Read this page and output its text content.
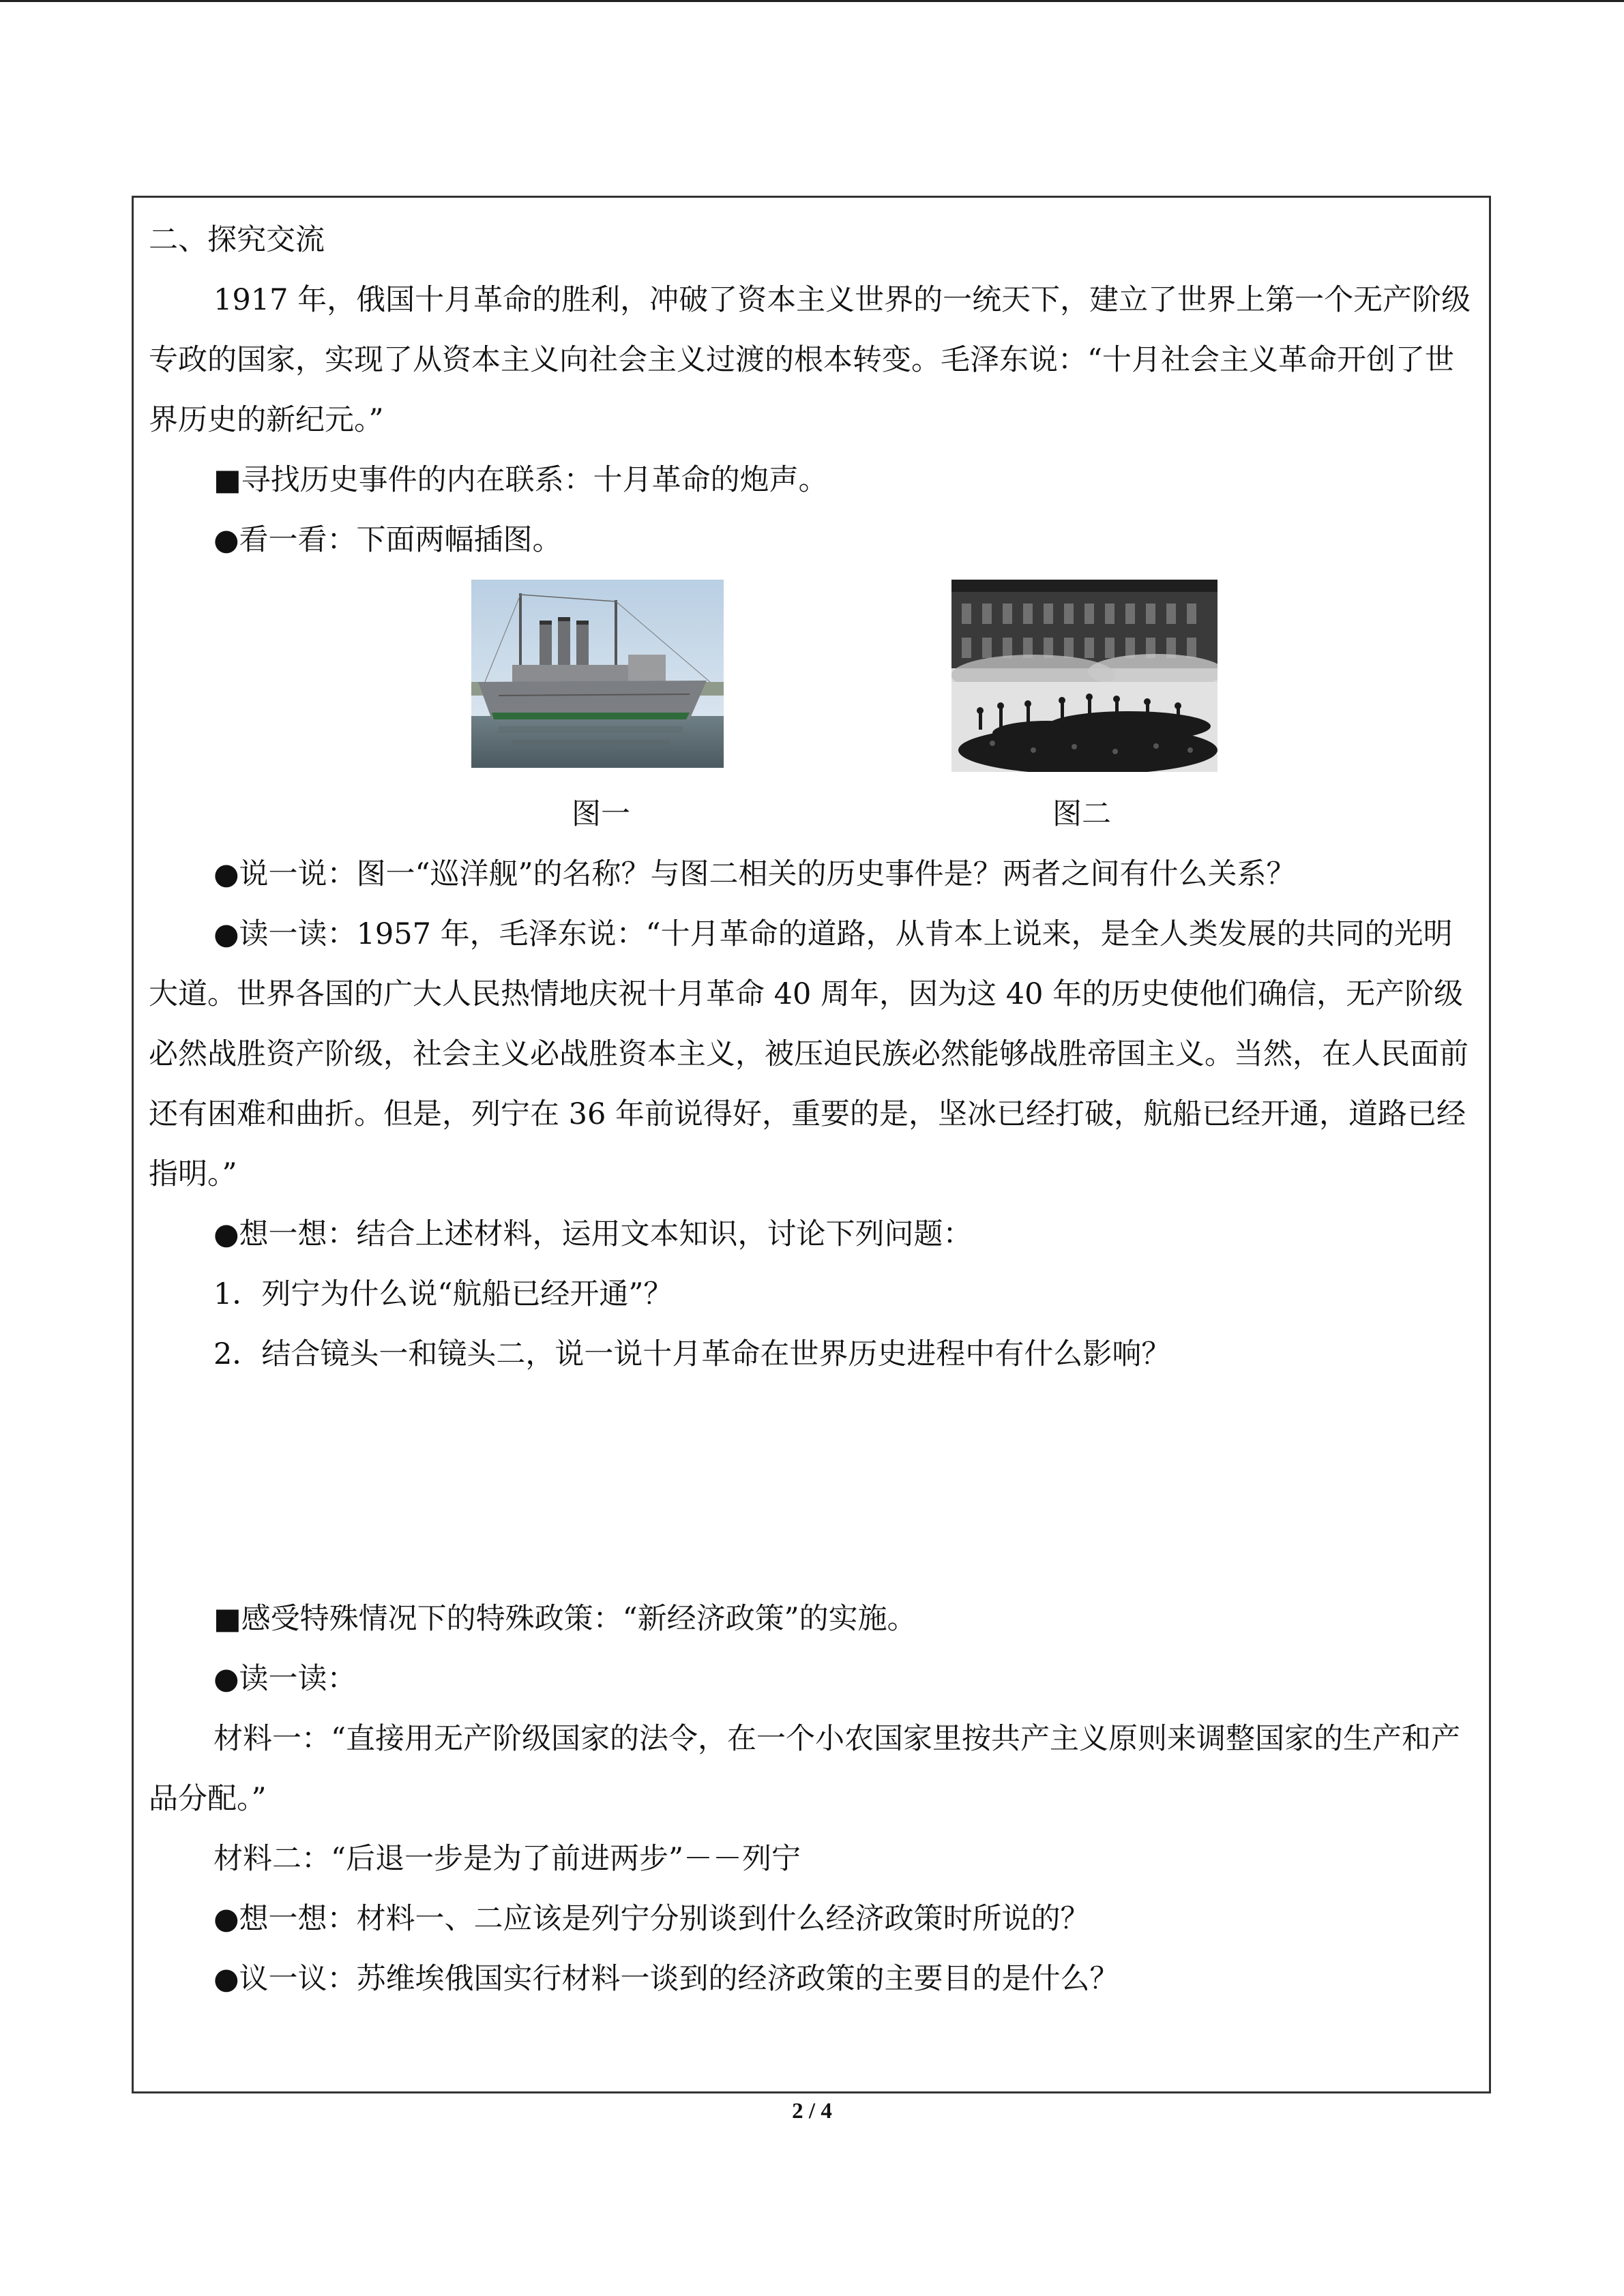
二、探究交流

1917 年，俄国十月革命的胜利，冲破了资本主义世界的一统天下，建立了世界上第一个无产阶级专政的国家，实现了从资本主义向社会主义过渡的根本转变。毛泽东说：“十月社会主义革命开创了世界历史的新纪元。”

■寻找历史事件的内在联系：十月革命的炮声。

●看一看：下面两幅插图。

图一	图二

●说一说：图一“巡洋舰”的名称？与图二相关的历史事件是？两者之间有什么关系？

●读一读：1957 年，毛泽东说：“十月革命的道路，从肯本上说来，是全人类发展的共同的光明大道。世界各国的广大人民热情地庆祝十月革命 40 周年，因为这 40 年的历史使他们确信，无产阶级必然战胜资产阶级，社会主义必战胜资本主义，被压迫民族必然能够战胜帝国主义。当然，在人民面前还有困难和曲折。但是，列宁在 36 年前说得好，重要的是，坚冰已经打破，航船已经开通，道路已经指明。”

●想一想：结合上述材料，运用文本知识，讨论下列问题：

1．列宁为什么说“航船已经开通”？

2．结合镜头一和镜头二，说一说十月革命在世界历史进程中有什么影响？

■感受特殊情况下的特殊政策：“新经济政策”的实施。

●读一读：

材料一：“直接用无产阶级国家的法令，在一个小农国家里按共产主义原则来调整国家的生产和产品分配。”

材料二：“后退一步是为了前进两步”－－列宁

●想一想：材料一、二应该是列宁分别谈到什么经济政策时所说的？

●议一议：苏维埃俄国实行材料一谈到的经济政策的主要目的是什么？

2 / 4
